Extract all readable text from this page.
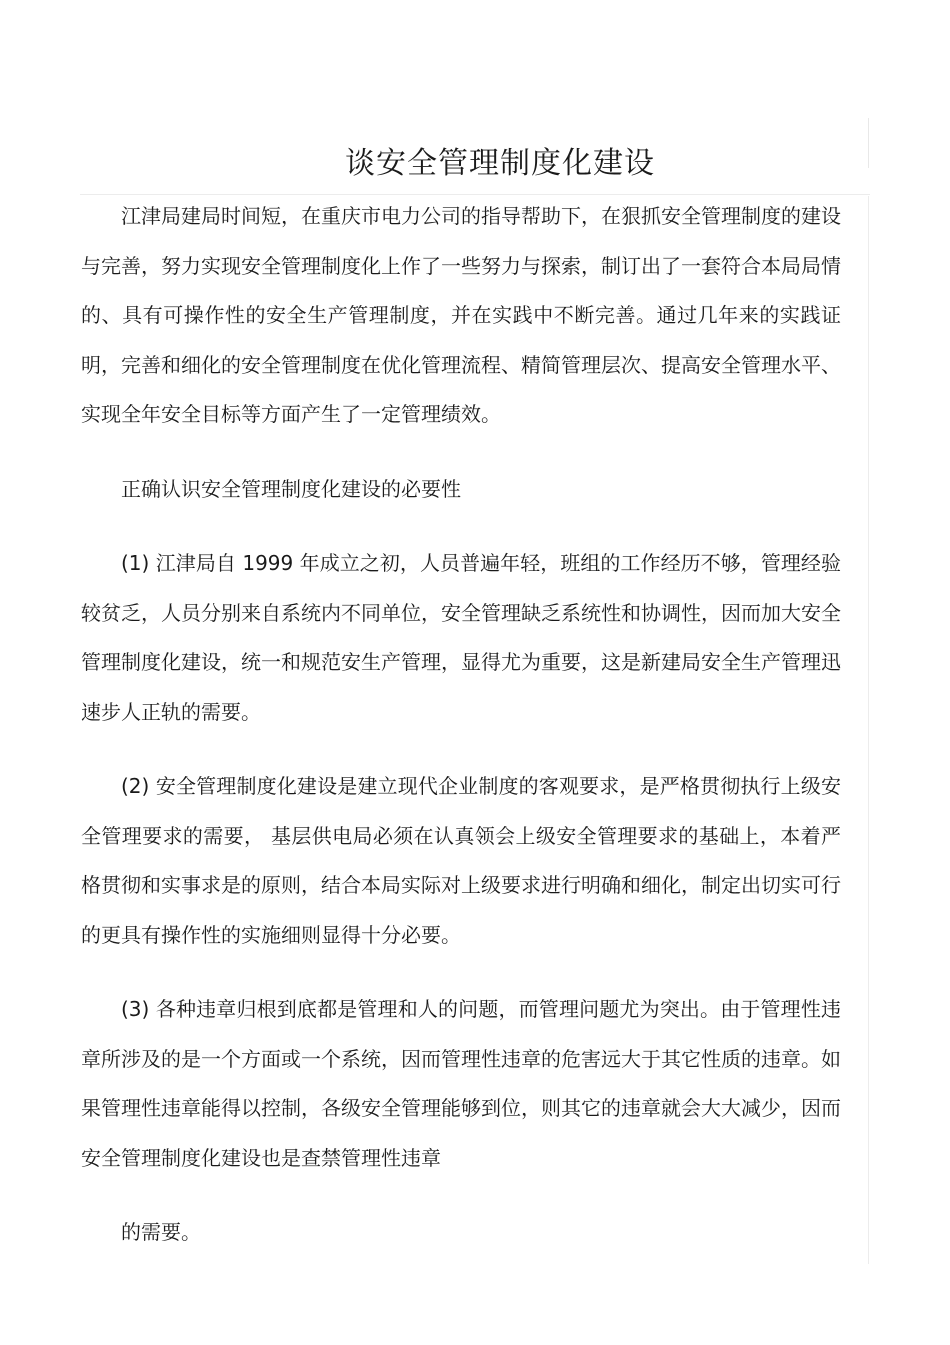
谈安全管理制度化建设

江津局建局时间短，在重庆市电力公司的指导帮助下，在狠抓安全管理制度的建设与完善，努力实现安全管理制度化上作了一些努力与探索，制订出了一套符合本局局情的、具有可操作性的安全生产管理制度，并在实践中不断完善。通过几年来的实践证明，完善和细化的安全管理制度在优化管理流程、精简管理层次、提高安全管理水平、实现全年安全目标等方面产生了一定管理绩效。

正确认识安全管理制度化建设的必要性

(1) 江津局自 1999 年成立之初，人员普遍年轻，班组的工作经历不够，管理经验较贫乏，人员分别来自系统内不同单位，安全管理缺乏系统性和协调性，因而加大安全管理制度化建设，统一和规范安生产管理，显得尤为重要，这是新建局安全生产管理迅速步人正轨的需要。

(2) 安全管理制度化建设是建立现代企业制度的客观要求，是严格贯彻执行上级安全管理要求的需要， 基层供电局必须在认真领会上级安全管理要求的基础上，本着严格贯彻和实事求是的原则，结合本局实际对上级要求进行明确和细化，制定出切实可行的更具有操作性的实施细则显得十分必要。

(3) 各种违章归根到底都是管理和人的问题，而管理问题尤为突出。由于管理性违章所涉及的是一个方面或一个系统，因而管理性违章的危害远大于其它性质的违章。如果管理性违章能得以控制，各级安全管理能够到位，则其它的违章就会大大减少，因而安全管理制度化建设也是查禁管理性违章

的需要。
